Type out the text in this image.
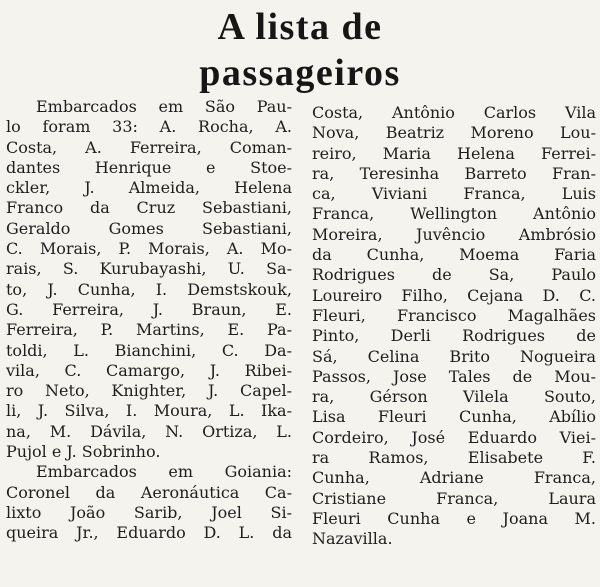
A lista de
passageiros
Embarcados em São Pau-
lo foram 33: A. Rocha, A.
Costa, A. Ferreira, Coman-
dantes Henrique e Stoe-
ckler, J. Almeida, Helena
Franco da Cruz Sebastiani,
Geraldo Gomes Sebastiani,
C. Morais, P. Morais, A. Mo-
rais, S. Kurubayashi, U. Sa-
to, J. Cunha, I. Demstskouk,
G. Ferreira, J. Braun, E.
Ferreira, P. Martins, E. Pa-
toldi, L. Bianchini, C. Da-
vila, C. Camargo, J. Ribei-
ro Neto, Knighter, J. Capel-
li, J. Silva, I. Moura, L. Ika-
na, M. Dávila, N. Ortiza, L.
Pujol e J. Sobrinho.
Embarcados em Goiania:
Coronel da Aeronáutica Ca-
lixto João Sarib, Joel Si-
queira Jr., Eduardo D. L. da
Costa, Antônio Carlos Vila
Nova, Beatriz Moreno Lou-
reiro, Maria Helena Ferrei-
ra, Teresinha Barreto Fran-
ca, Viviani Franca, Luis
Franca, Wellington Antônio
Moreira, Juvêncio Ambrósio
da Cunha, Moema Faria
Rodrigues de Sa, Paulo
Loureiro Filho, Cejana D. C.
Fleuri, Francisco Magalhães
Pinto, Derli Rodrigues de
Sá, Celina Brito Nogueira
Passos, Jose Tales de Mou-
ra, Gérson Vilela Souto,
Lisa Fleuri Cunha, Abílio
Cordeiro, José Eduardo Viei-
ra Ramos, Elisabete F.
Cunha, Adriane Franca,
Cristiane Franca, Laura
Fleuri Cunha e Joana M.
Nazavilla.
